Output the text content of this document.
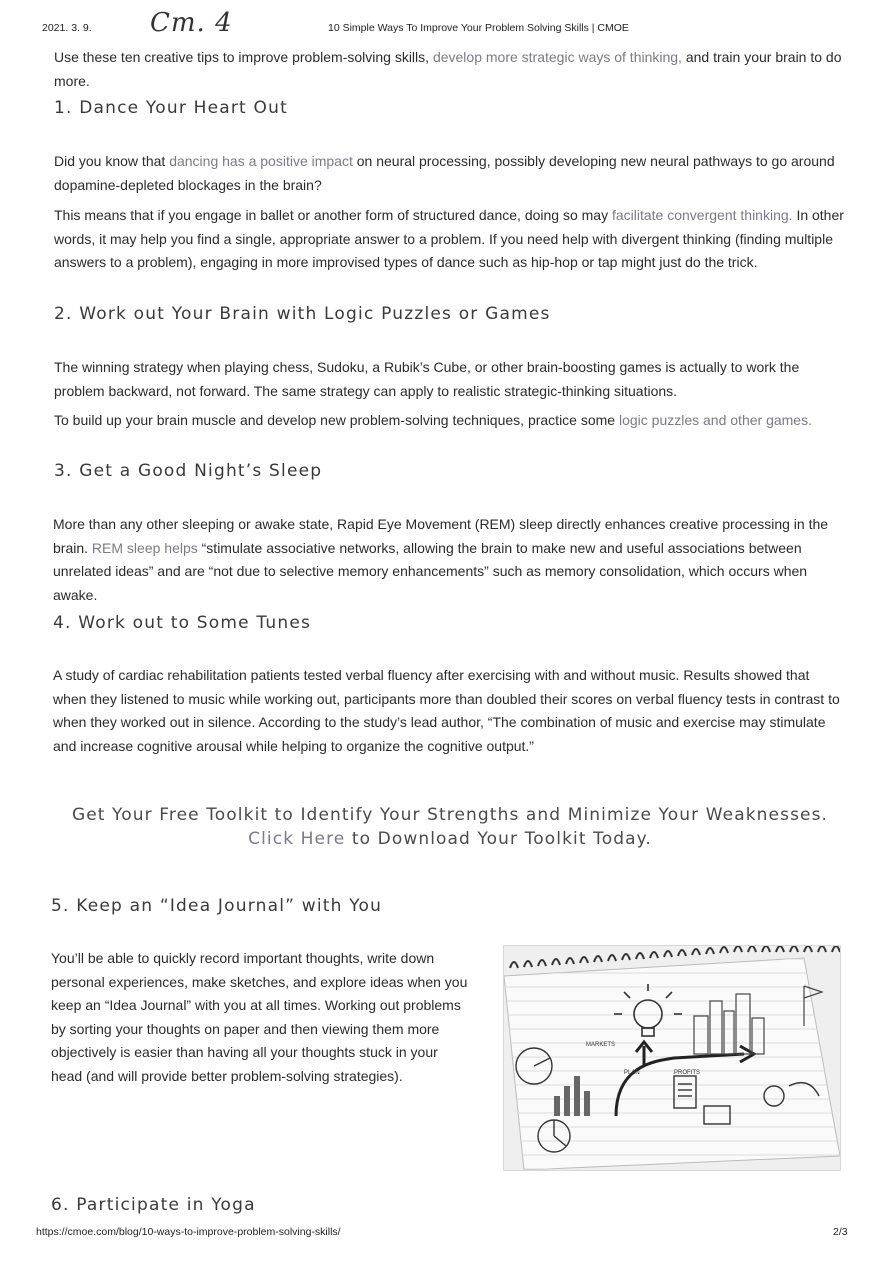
2021. 3. 9. Cm. 4	10 Simple Ways To Improve Your Problem Solving Skills | CMOE

Use these ten creative tips to improve problem-solving skills, develop more strategic ways of thinking, and train your brain to do more.

1. Dance Your Heart Out

Did you know that dancing has a positive impact on neural processing, possibly developing new neural pathways to go around dopamine-depleted blockages in the brain?

This means that if you engage in ballet or another form of structured dance, doing so may facilitate convergent thinking. In other words, it may help you find a single, appropriate answer to a problem. If you need help with divergent thinking (finding multiple answers to a problem), engaging in more improvised types of dance such as hip-hop or tap might just do the trick.

2. Work out Your Brain with Logic Puzzles or Games

The winning strategy when playing chess, Sudoku, a Rubik’s Cube, or other brain-boosting games is actually to work the problem backward, not forward. The same strategy can apply to realistic strategic-thinking situations.

To build up your brain muscle and develop new problem-solving techniques, practice some logic puzzles and other games.

3. Get a Good Night’s Sleep

More than any other sleeping or awake state, Rapid Eye Movement (REM) sleep directly enhances creative processing in the brain. REM sleep helps “stimulate associative networks, allowing the brain to make new and useful associations between unrelated ideas” and are “not due to selective memory enhancements” such as memory consolidation, which occurs when awake.

4. Work out to Some Tunes

A study of cardiac rehabilitation patients tested verbal fluency after exercising with and without music. Results showed that when they listened to music while working out, participants more than doubled their scores on verbal fluency tests in contrast to when they worked out in silence. According to the study’s lead author, “The combination of music and exercise may stimulate and increase cognitive arousal while helping to organize the cognitive output.”

Get Your Free Toolkit to Identify Your Strengths and Minimize Your Weaknesses.
Click Here to Download Your Toolkit Today.
5. Keep an “Idea Journal” with You

You’ll be able to quickly record important thoughts, write down personal experiences, make sketches, and explore ideas when you keep an “Idea Journal” with you at all times. Working out problems by sorting your thoughts on paper and then viewing them more objectively is easier than having all your thoughts stuck in your head (and will provide better problem-solving strategies).

MARKETS
PLAN	PROFITS
6. Participate in Yoga
https://cmoe.com/blog/10-ways-to-improve-problem-solving-skills/	2/3
